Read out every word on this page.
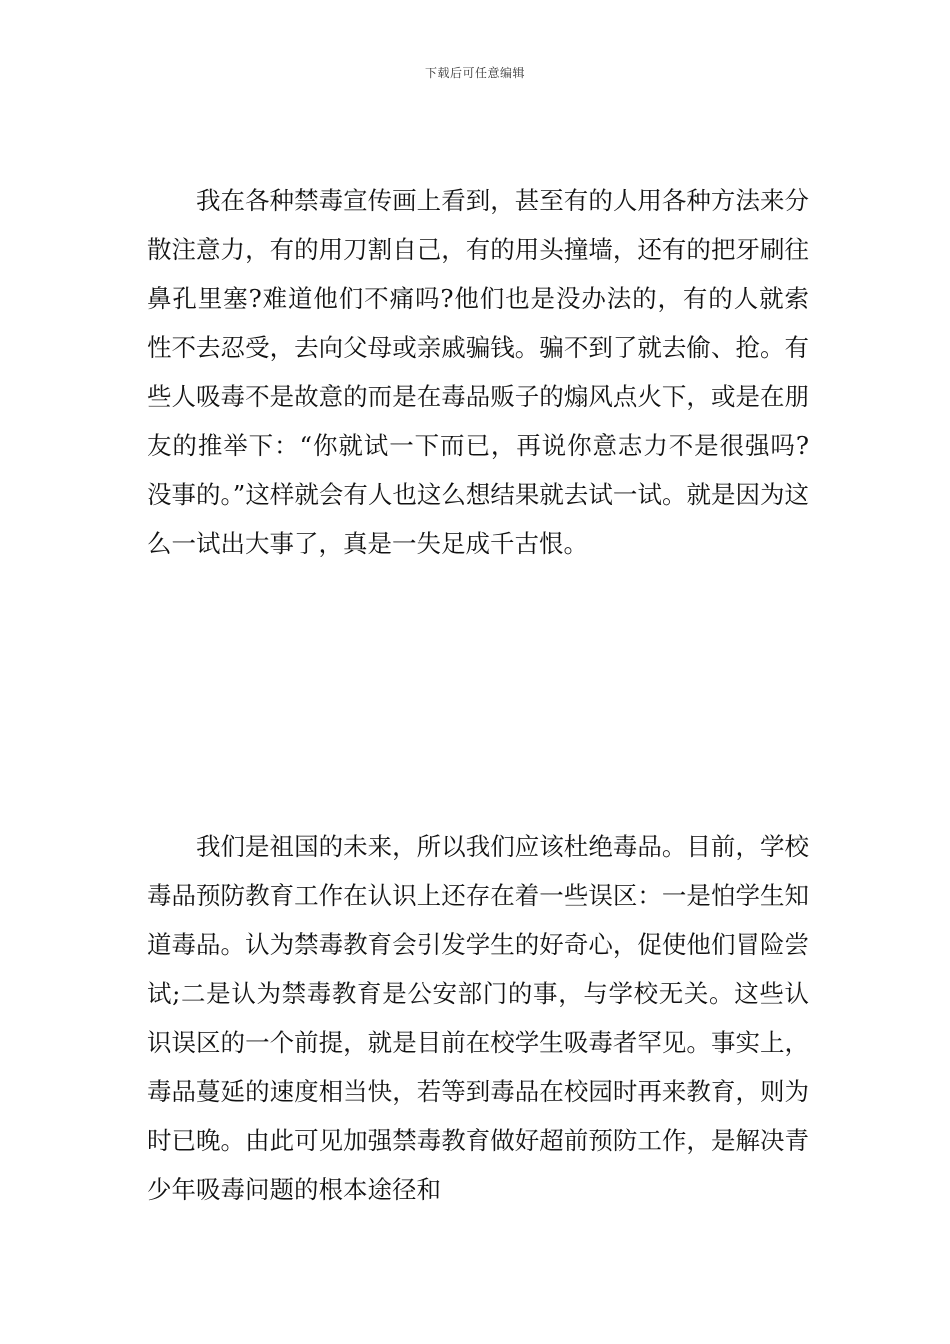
下载后可任意编辑

我在各种禁毒宣传画上看到，甚至有的人用各种方法来分散注意力，有的用刀割自己，有的用头撞墙，还有的把牙刷往鼻孔里塞?难道他们不痛吗?他们也是没办法的，有的人就索性不去忍受，去向父母或亲戚骗钱。骗不到了就去偷、抢。有些人吸毒不是故意的而是在毒品贩子的煽风点火下，或是在朋友的推举下：“你就试一下而已，再说你意志力不是很强吗?没事的。”这样就会有人也这么想结果就去试一试。就是因为这么一试出大事了，真是一失足成千古恨。

我们是祖国的未来，所以我们应该杜绝毒品。目前，学校毒品预防教育工作在认识上还存在着一些误区：一是怕学生知道毒品。认为禁毒教育会引发学生的好奇心，促使他们冒险尝试;二是认为禁毒教育是公安部门的事，与学校无关。这些认识误区的一个前提，就是目前在校学生吸毒者罕见。事实上，毒品蔓延的速度相当快，若等到毒品在校园时再来教育，则为时已晚。由此可见加强禁毒教育做好超前预防工作，是解决青少年吸毒问题的根本途径和
